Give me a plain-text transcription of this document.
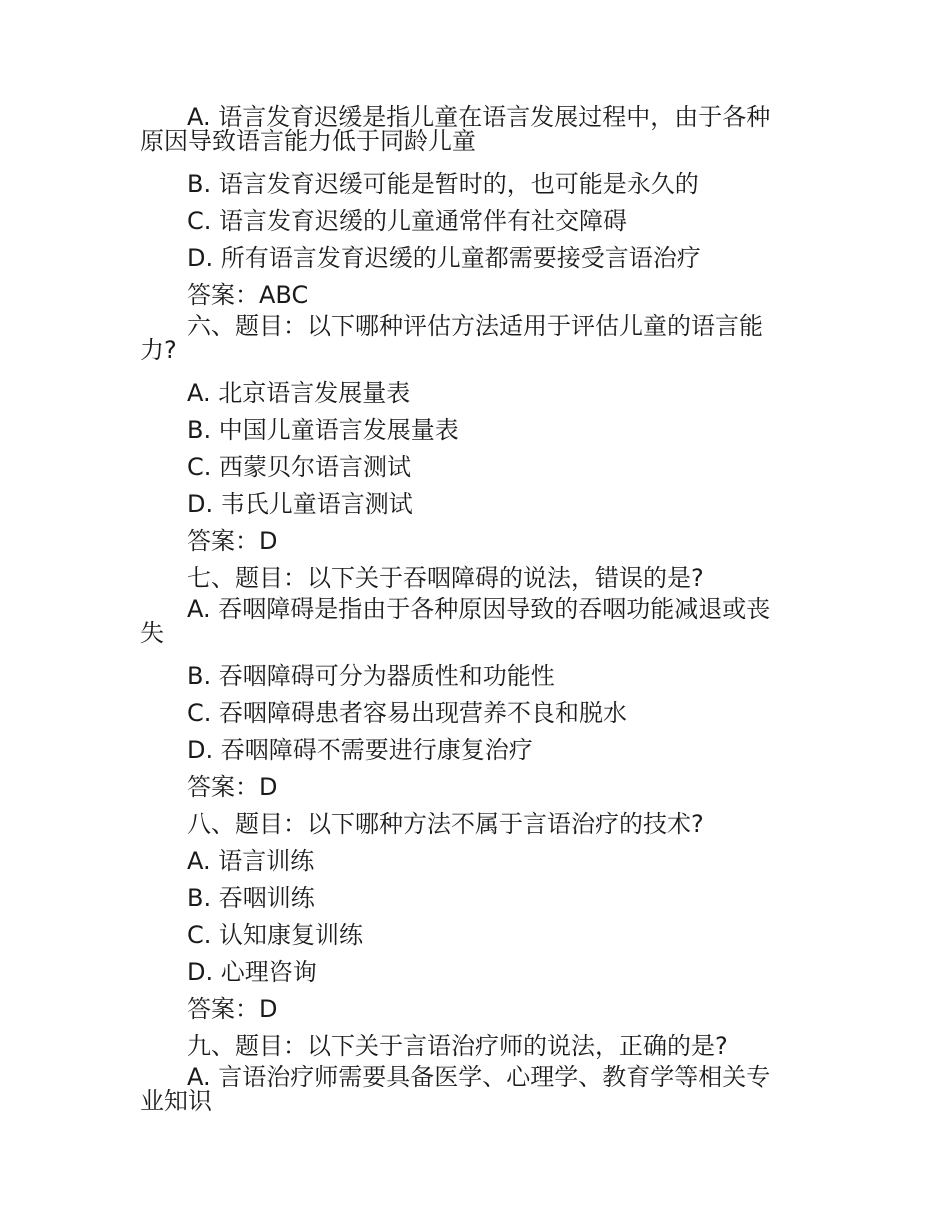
A. 语言发育迟缓是指儿童在语言发展过程中，由于各种原因导致语言能力低于同龄儿童

B. 语言发育迟缓可能是暂时的，也可能是永久的

C. 语言发育迟缓的儿童通常伴有社交障碍

D. 所有语言发育迟缓的儿童都需要接受言语治疗

答案：ABC

六、题目：以下哪种评估方法适用于评估儿童的语言能力?

A. 北京语言发展量表

B. 中国儿童语言发展量表

C. 西蒙贝尔语言测试

D. 韦氏儿童语言测试

答案：D

七、题目：以下关于吞咽障碍的说法，错误的是?

A. 吞咽障碍是指由于各种原因导致的吞咽功能减退或丧失

B. 吞咽障碍可分为器质性和功能性

C. 吞咽障碍患者容易出现营养不良和脱水

D. 吞咽障碍不需要进行康复治疗

答案：D

八、题目：以下哪种方法不属于言语治疗的技术?

A. 语言训练

B. 吞咽训练

C. 认知康复训练

D. 心理咨询

答案：D

九、题目：以下关于言语治疗师的说法，正确的是?

A. 言语治疗师需要具备医学、心理学、教育学等相关专业知识
